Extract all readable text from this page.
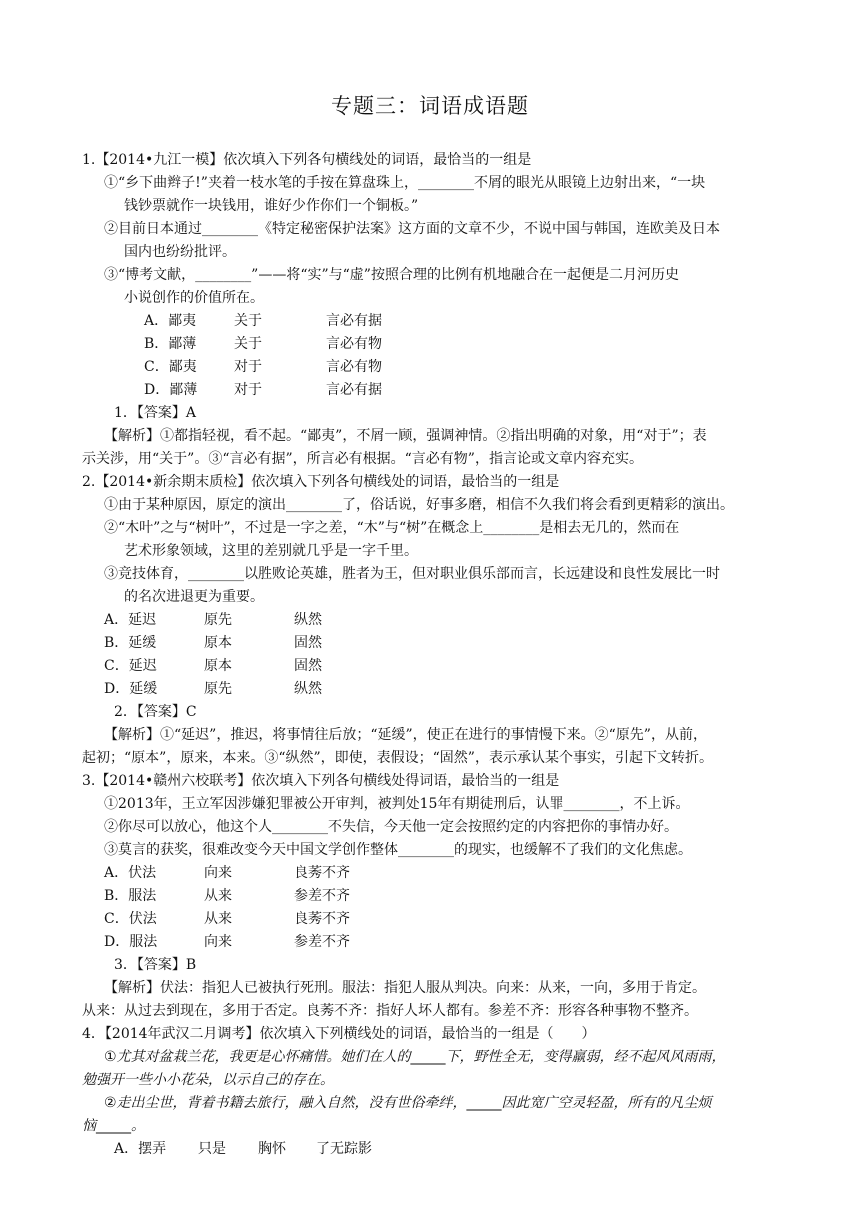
专题三：词语成语题
1.【2014•九江一模】依次填入下列各句横线处的词语，最恰当的一组是
①“乡下曲辫子!”夹着一枝水笔的手按在算盘珠上，________不屑的眼光从眼镜上边射出来，“一块
钱钞票就作一块钱用，谁好少作你们一个铜板。”
②目前日本通过________《特定秘密保护法案》这方面的文章不少，不说中国与韩国，连欧美及日本
国内也纷纷批评。
③“博考文献，________”——将“实”与“虚”按照合理的比例有机地融合在一起便是二月河历史
小说创作的价值所在。
A．鄙夷	关于	言必有据
B．鄙薄	关于	言必有物
C．鄙夷	对于	言必有物
D．鄙薄	对于	言必有据
1．【答案】A
【解析】①都指轻视，看不起。“鄙夷”，不屑一顾，强调神情。②指出明确的对象，用“对于”；表
示关涉，用“关于”。③“言必有据”，所言必有根据。“言必有物”，指言论或文章内容充实。
2.【2014•新余期末质检】依次填入下列各句横线处的词语，最恰当的一组是
①由于某种原因，原定的演出________了，俗话说，好事多磨，相信不久我们将会看到更精彩的演出。
②“木叶”之与“树叶”，不过是一字之差，“木”与“树”在概念上________是相去无几的，然而在
艺术形象领域，这里的差别就几乎是一字千里。
③竞技体育，________以胜败论英雄，胜者为王，但对职业俱乐部而言，长远建设和良性发展比一时
的名次进退更为重要。
A．延迟	原先	纵然
B．延缓	原本	固然
C．延迟	原本	固然
D．延缓	原先	纵然
2．【答案】C
【解析】①“延迟”，推迟，将事情往后放；“延缓”，使正在进行的事情慢下来。②“原先”，从前，
起初；“原本”，原来，本来。③“纵然”，即使，表假设；“固然”，表示承认某个事实，引起下文转折。
3.【2014•赣州六校联考】依次填入下列各句横线处得词语，最恰当的一组是
①2013年，王立军因涉嫌犯罪被公开审判，被判处15年有期徒刑后，认罪________，不上诉。
②你尽可以放心，他这个人________不失信，今天他一定会按照约定的内容把你的事情办好。
③莫言的获奖，很难改变今天中国文学创作整体________的现实，也缓解不了我们的文化焦虑。
A．伏法	向来	良莠不齐
B．服法	从来	参差不齐
C．伏法	从来	良莠不齐
D．服法	向来	参差不齐
3．【答案】B
【解析】伏法：指犯人已被执行死刑。服法：指犯人服从判决。向来：从来，一向，多用于肯定。
从来：从过去到现在，多用于否定。良莠不齐：指好人坏人都有。参差不齐：形容各种事物不整齐。
4．【2014年武汉二月调考】依次填入下列横线处的词语，最恰当的一组是（　　）
①尤其对盆栽兰花，我更是心怀痛惜。她们在人的_____下，野性全无，变得羸弱，经不起风风雨雨，
勉强开一些小小花朵，以示自己的存在。
②走出尘世，背着书籍去旅行，融入自然，没有世俗牵绊，_____因此宽广空灵轻盈，所有的凡尘烦
恼_____。
A．摆弄 只是 胸怀 了无踪影
